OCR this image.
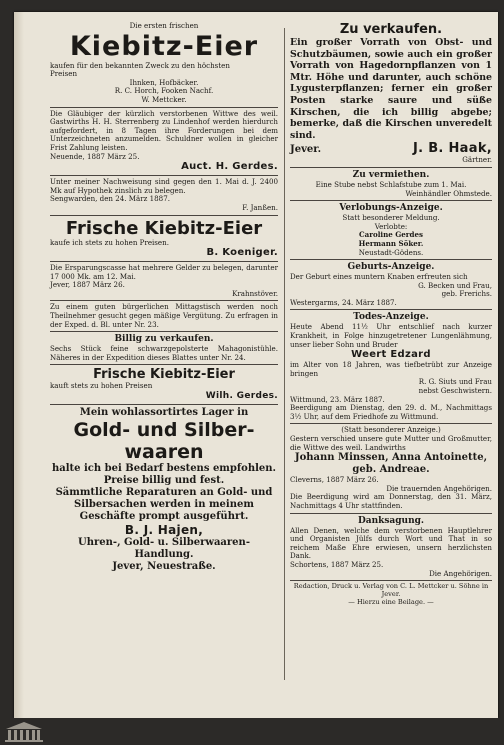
Die ersten frischen
Kiebitz-Eier
kaufen für den bekannten Zweck zu den höchsten
Preisen
Ihnken, Hofbäcker.
R. C. Horch, Fooken Nachf.
W. Mettcker.
Die Gläubiger der kürzlich verstorbenen Wittwe des weil. Gastwirths H. H. Sterrenberg zu Lindenhof werden hierdurch aufgefordert, in 8 Tagen ihre Forderungen bei dem Unterzeichneten anzumelden. Schuldner wollen in gleicher Frist Zahlung leisten.
Neuende, 1887 März 25.
Auct. H. Gerdes.
Unter meiner Nachweisung sind gegen den 1. Mai d. J. 2400 Mk auf Hypothek zinslich zu belegen.
Sengwarden, den 24. März 1887.
F. Janßen.
Frische Kiebitz-Eier
kaufe ich stets zu hohen Preisen.
B. Koeniger.
Die Ersparungscasse hat mehrere Gelder zu belegen, darunter 17 000 Mk. am 12. Mai.
Jever, 1887 März 26.
Krahnstöver.
Zu einem guten bürgerlichen Mittagstisch werden noch Theilnehmer gesucht gegen mäßige Vergütung. Zu erfragen in der Exped. d. Bl. unter Nr. 23.
Billig zu verkaufen.
Sechs Stück feine schwarzgepolsterte Mahagonistühle. Näheres in der Expedition dieses Blattes unter Nr. 24.
Frische Kiebitz-Eier
kauft stets zu hohen Preisen
Wilh. Gerdes.
Mein wohlassortirtes Lager in
Gold- und Silber-
waaren
halte ich bei Bedarf bestens empfohlen.
Preise billig und fest.
Sämmtliche Reparaturen an Gold- und Silbersachen werden in meinem Geschäfte prompt ausgeführt.
B. J. Hajen,
Uhren-, Gold- u. Silberwaaren-
Handlung.
Jever, Neuestraße.
Zu verkaufen.
Ein großer Vorrath von Obst- und Schutzbäumen, sowie auch ein großer Vorrath von Hagedornpflanzen von 1 Mtr. Höhe und darunter, auch schöne Lygusterpflanzen; ferner ein großer Posten starke saure und süße Kirschen, die ich billig abgebe; bemerke, daß die Kirschen unveredelt sind.
Jever.	J. B. Haak,
Gärtner.
Zu vermiethen.
Eine Stube nebst Schlafstube zum 1. Mai.
Weinhändler Ohmstede.
Verlobungs-Anzeige.
Statt besonderer Meldung.
Verlobte:
Caroline Gerdes
Hermann Söker.
Neustadt-Gödens.
Geburts-Anzeige.
Der Geburt eines muntern Knaben erfreuten sich
G. Becken und Frau,
geb. Frerichs.
Westergarms, 24. März 1887.
Todes-Anzeige.
Heute Abend 11½ Uhr entschlief nach kurzer Krankheit, in Folge hinzugetretener Lungenlähmung, unser lieber Sohn und Bruder
Weert Edzard
im Alter von 18 Jahren, was tiefbetrübt zur Anzeige bringen
R. G. Siuts und Frau
nebst Geschwistern.
Wittmund, 23. März 1887.
Beerdigung am Dienstag, den 29. d. M., Nachmittags 3½ Uhr, auf dem Friedhofe zu Wittmund.
(Statt besonderer Anzeige.)
Gestern verschied unsere gute Mutter und Großmutter, die Wittwe des weil. Landwirths
Johann Minssen, Anna Antoinette,
geb. Andreae.
Cleverns, 1887 März 26.
Die trauernden Angehörigen.
Die Beerdigung wird am Donnerstag, den 31. März, Nachmittags 4 Uhr stattfinden.
Danksagung.
Allen Denen, welche dem verstorbenen Hauptlehrer und Organisten Jülfs durch Wort und That in so reichem Maße Ehre erwiesen, unsern herzlichsten Dank.
Schortens, 1887 März 25.
Die Angehörigen.
Redaction, Druck u. Verlag von C. L. Mettcker u. Söhne in Jever.
— Hierzu eine Beilage. —
